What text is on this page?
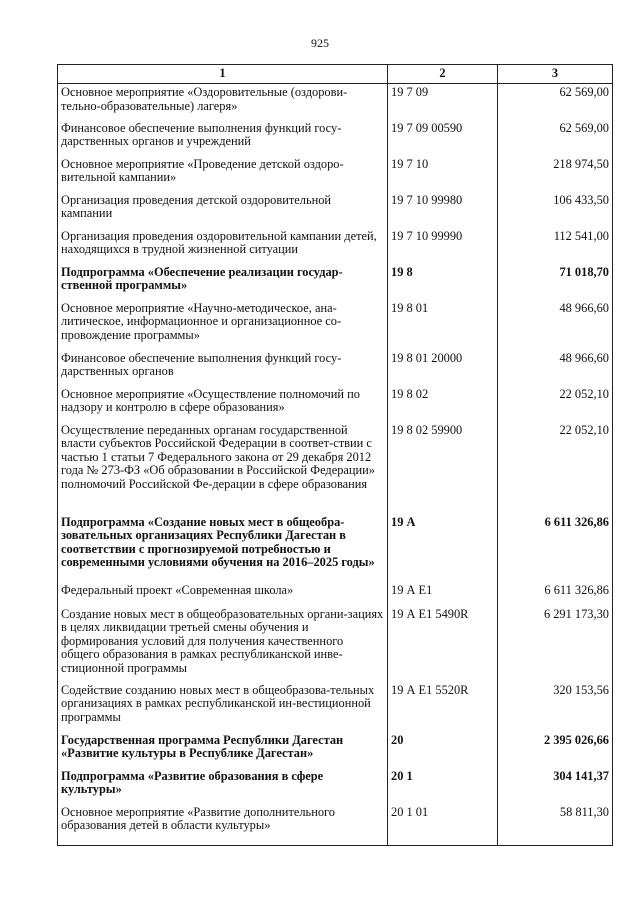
925
1	2	3
Основное мероприятие «Оздоровительные (оздорови-тельно-образовательные) лагеря»	19 7 09	62 569,00
Финансовое обеспечение выполнения функций госу-дарственных органов и учреждений	19 7 09 00590	62 569,00
Основное мероприятие «Проведение детской оздоро-вительной кампании»	19 7 10	218 974,50
Организация проведения детской оздоровительной кампании	19 7 10 99980	106 433,50
Организация проведения оздоровительной кампании детей, находящихся в трудной жизненной ситуации	19 7 10 99990	112 541,00
Подпрограмма «Обеспечение реализации государ-ственной программы»	19 8	71 018,70
Основное мероприятие «Научно-методическое, ана-литическое, информационное и организационное со-провождение программы»	19 8 01	48 966,60
Финансовое обеспечение выполнения функций госу-дарственных органов	19 8 01 20000	48 966,60
Основное мероприятие «Осуществление полномочий по надзору и контролю в сфере образования»	19 8 02	22 052,10
Осуществление переданных органам государственной власти субъектов Российской Федерации в соответ-ствии с частью 1 статьи 7 Федерального закона от 29 декабря 2012 года № 273-ФЗ «Об образовании в Российской Федерации» полномочий Российской Фе-дерации в сфере образования	19 8 02 59900	22 052,10
Подпрограмма «Создание новых мест в общеобра-зовательных организациях Республики Дагестан в соответствии с прогнозируемой потребностью и современными условиями обучения на 2016–2025 годы»	19 А	6 611 326,86
Федеральный проект «Современная школа»	19 А Е1	6 611 326,86
Создание новых мест в общеобразовательных органи-зациях в целях ликвидации третьей смены обучения и формирования условий для получения качественного общего образования в рамках республиканской инве-стиционной программы	19 А Е1 5490R	6 291 173,30
Содействие созданию новых мест в общеобразова-тельных организациях в рамках республиканской ин-вестиционной программы	19 А Е1 5520R	320 153,56
Государственная программа Республики Дагестан «Развитие культуры в Республике Дагестан»	20	2 395 026,66
Подпрограмма «Развитие образования в сфере культуры»	20 1	304 141,37
Основное мероприятие «Развитие дополнительного образования детей в области культуры»	20 1 01	58 811,30
